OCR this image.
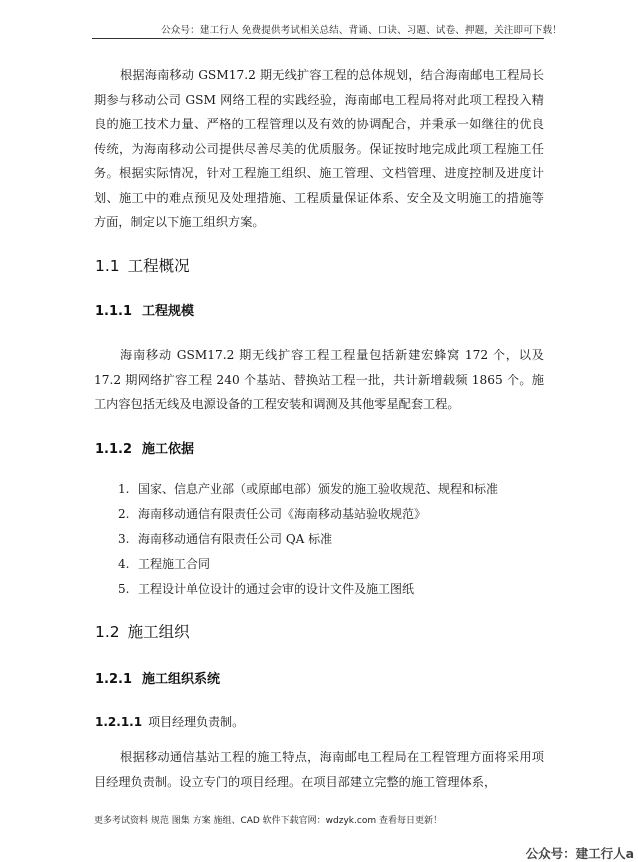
公众号：建工行人 免费提供考试相关总结、背诵、口诀、习题、试卷、押题，关注即可下载！

根据海南移动 GSM17.2 期无线扩容工程的总体规划，结合海南邮电工程局长期参与移动公司 GSM 网络工程的实践经验，海南邮电工程局将对此项工程投入精良的施工技术力量、严格的工程管理以及有效的协调配合，并秉承一如继往的优良传统，为海南移动公司提供尽善尽美的优质服务。保证按时地完成此项工程施工任务。根据实际情况，针对工程施工组织、施工管理、文档管理、进度控制及进度计划、施工中的难点预见及处理措施、工程质量保证体系、安全及文明施工的措施等方面，制定以下施工组织方案。

1.1 工程概况
1.1.1 工程规模

海南移动 GSM17.2 期无线扩容工程工程量包括新建宏蜂窝 172 个，以及 17.2 期网络扩容工程 240 个基站、替换站工程一批，共计新增载频 1865 个。施工内容包括无线及电源设备的工程安装和调测及其他零星配套工程。

1.1.2 施工依据
1. 国家、信息产业部（或原邮电部）颁发的施工验收规范、规程和标准
2. 海南移动通信有限责任公司《海南移动基站验收规范》
3. 海南移动通信有限责任公司 QA 标准
4. 工程施工合同
5. 工程设计单位设计的通过会审的设计文件及施工图纸
1.2 施工组织
1.2.1 施工组织系统
1.2.1.1 项目经理负责制。

根据移动通信基站工程的施工特点，海南邮电工程局在工程管理方面将采用项目经理负责制。设立专门的项目经理。在项目部建立完整的施工管理体系，

更多考试资料 规范 图集 方案 施组、CAD 软件下载官网：wdzyk.com 查看每日更新！
公众号：建工行人a
